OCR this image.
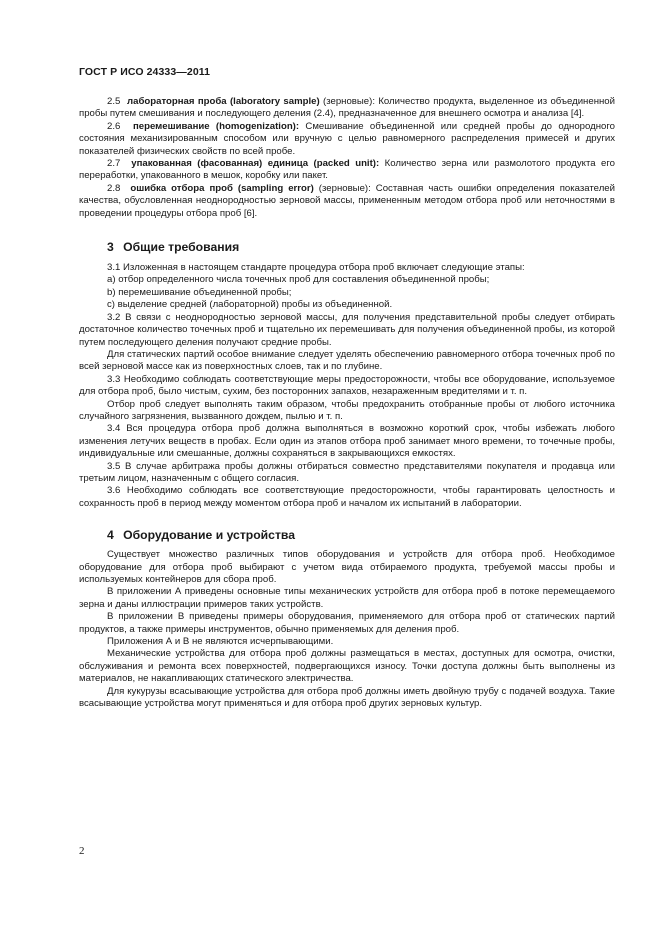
ГОСТ Р ИСО 24333—2011
2.5 лабораторная проба (laboratory sample) (зерновые): Количество продукта, выделенное из объединенной пробы путем смешивания и последующего деления (2.4), предназначенное для внешнего осмотра и анализа [4].
2.6 перемешивание (homogenization): Смешивание объединенной или средней пробы до однородного состояния механизированным способом или вручную с целью равномерного распределения примесей и других показателей физических свойств по всей пробе.
2.7 упакованная (фасованная) единица (packed unit): Количество зерна или размолотого продукта его переработки, упакованного в мешок, коробку или пакет.
2.8 ошибка отбора проб (sampling error) (зерновые): Составная часть ошибки определения показателей качества, обусловленная неоднородностью зерновой массы, примененным методом отбора проб или неточностями в проведении процедуры отбора проб [6].
3 Общие требования
3.1 Изложенная в настоящем стандарте процедура отбора проб включает следующие этапы:
a) отбор определенного числа точечных проб для составления объединенной пробы;
b) перемешивание объединенной пробы;
c) выделение средней (лабораторной) пробы из объединенной.
3.2 В связи с неоднородностью зерновой массы, для получения представительной пробы следует отбирать достаточное количество точечных проб и тщательно их перемешивать для получения объединенной пробы, из которой путем последующего деления получают средние пробы.
Для статических партий особое внимание следует уделять обеспечению равномерного отбора точечных проб по всей зерновой массе как из поверхностных слоев, так и по глубине.
3.3 Необходимо соблюдать соответствующие меры предосторожности, чтобы все оборудование, используемое для отбора проб, было чистым, сухим, без посторонних запахов, незараженным вредителями и т. п.
Отбор проб следует выполнять таким образом, чтобы предохранить отобранные пробы от любого источника случайного загрязнения, вызванного дождем, пылью и т. п.
3.4 Вся процедура отбора проб должна выполняться в возможно короткий срок, чтобы избежать любого изменения летучих веществ в пробах. Если один из этапов отбора проб занимает много времени, то точечные пробы, индивидуальные или смешанные, должны сохраняться в закрывающихся емкостях.
3.5 В случае арбитража пробы должны отбираться совместно представителями покупателя и продавца или третьим лицом, назначенным с общего согласия.
3.6 Необходимо соблюдать все соответствующие предосторожности, чтобы гарантировать целостность и сохранность проб в период между моментом отбора проб и началом их испытаний в лаборатории.
4 Оборудование и устройства
Существует множество различных типов оборудования и устройств для отбора проб. Необходимое оборудование для отбора проб выбирают с учетом вида отбираемого продукта, требуемой массы пробы и используемых контейнеров для сбора проб.
В приложении А приведены основные типы механических устройств для отбора проб в потоке перемещаемого зерна и даны иллюстрации примеров таких устройств.
В приложении В приведены примеры оборудования, применяемого для отбора проб от статических партий продуктов, а также примеры инструментов, обычно применяемых для деления проб.
Приложения А и В не являются исчерпывающими.
Механические устройства для отбора проб должны размещаться в местах, доступных для осмотра, очистки, обслуживания и ремонта всех поверхностей, подвергающихся износу. Точки доступа должны быть выполнены из материалов, не накапливающих статического электричества.
Для кукурузы всасывающие устройства для отбора проб должны иметь двойную трубу с подачей воздуха. Такие всасывающие устройства могут применяться и для отбора проб других зерновых культур.
2
